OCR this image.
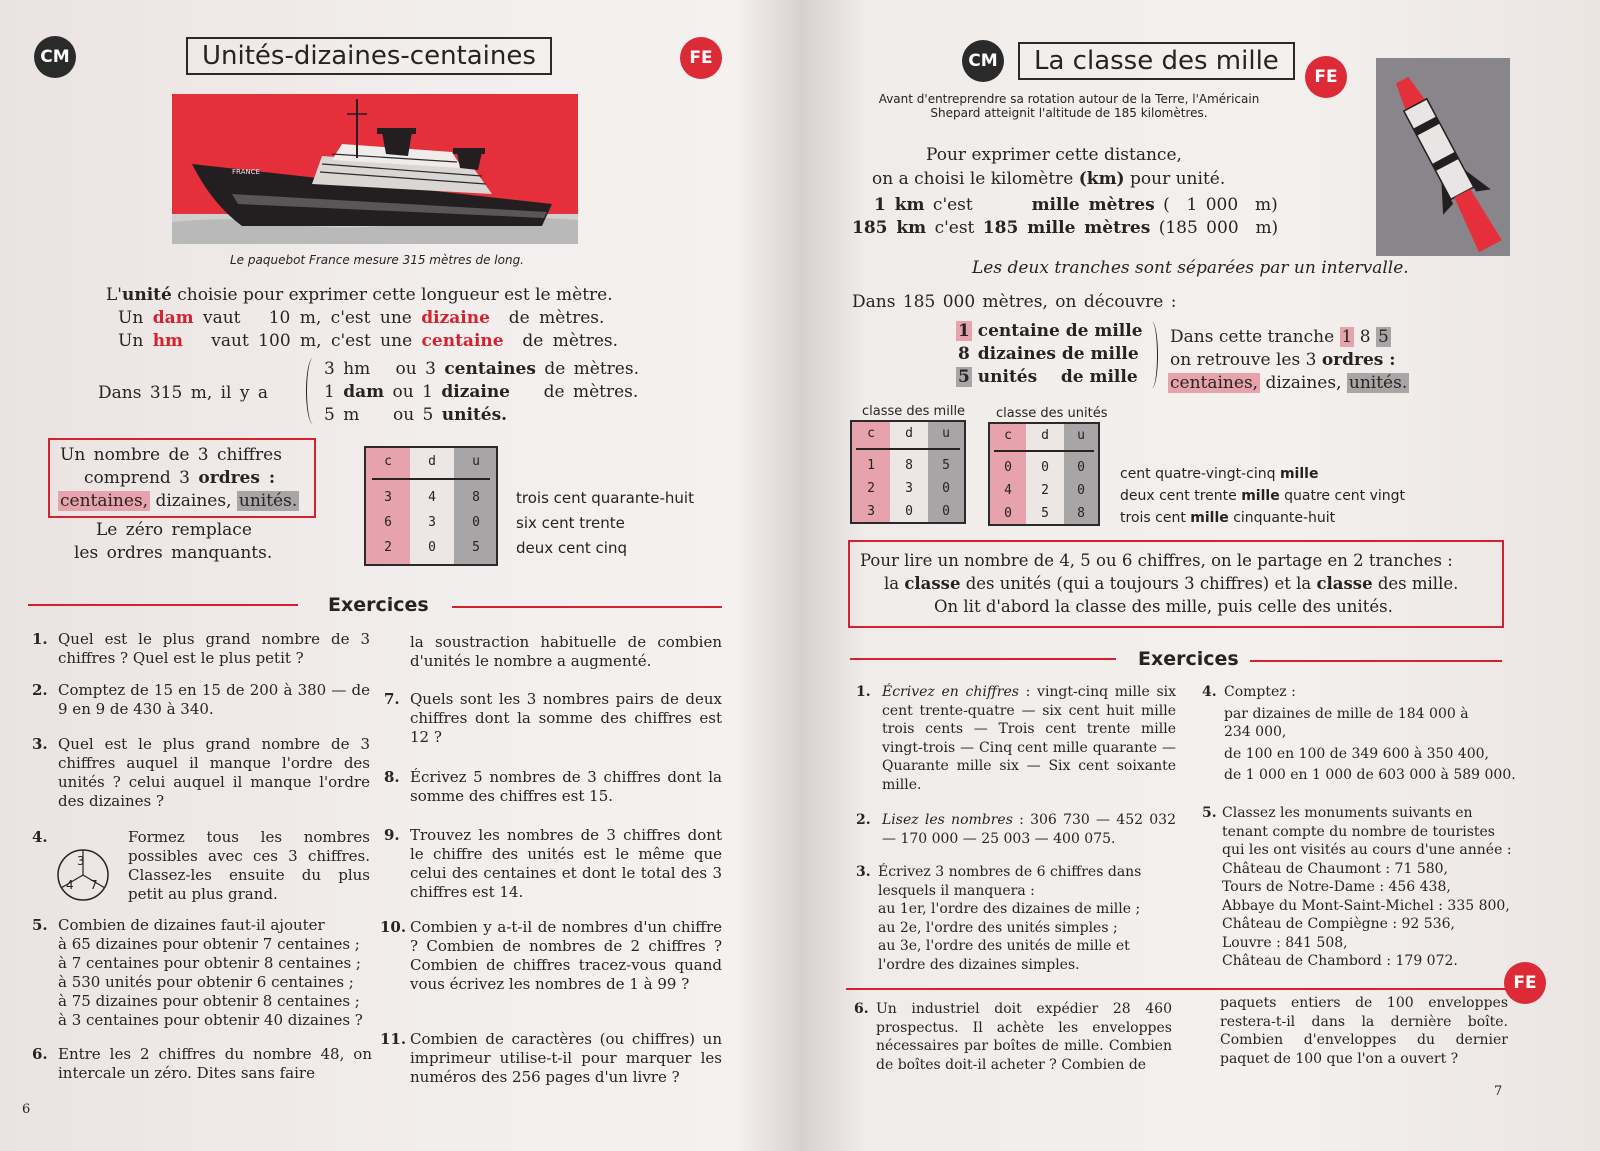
CM	Unités-dizaines-centaines	FE
FRANCE
Le paquebot France mesure 315 mètres de long.
L'unité choisie pour exprimer cette longueur est le mètre.
Un dam vaut   10 m, c'est une dizaine  de mètres.
Un hm   vaut 100 m, c'est une centaine  de mètres.
Dans 315 m, il y a
3 hm   ou 3 centaines de mètres.
1 dam ou 1 dizaine    de mètres.
5 m    ou 5 unités.
Un nombre de 3 chiffres
comprend 3 ordres :
centaines, dizaines, unités.
Le zéro remplace
les ordres manquants.
c	d	u
3	4	8
6	3	0
2	0	5
trois cent quarante-huit
six cent trente
deux cent cinq
Exercices
1. Quel est le plus grand nombre de 3 chiffres ? Quel est le plus petit ?
2. Comptez de 15 en 15 de 200 à 380 — de 9 en 9 de 430 à 340.
3. Quel est le plus grand nombre de 3 chiffres auquel il manque l'ordre des unités ? celui auquel il manque l'ordre des dizaines ?
4.
3
4 7
Formez tous les nombres possibles avec ces 3 chiffres. Classez-les ensuite du plus petit au plus grand.
5. Combien de dizaines faut-il ajouter
à 65 dizaines pour obtenir 7 centaines ;
à 7 centaines pour obtenir 8 centaines ;
à 530 unités pour obtenir 6 centaines ;
à 75 dizaines pour obtenir 8 centaines ;
à 3 centaines pour obtenir 40 dizaines ?
6. Entre les 2 chiffres du nombre 48, on intercale un zéro. Dites sans faire
la soustraction habituelle de combien d'unités le nombre a augmenté.
7. Quels sont les 3 nombres pairs de deux chiffres dont la somme des chiffres est 12 ?
8. Écrivez 5 nombres de 3 chiffres dont la somme des chiffres est 15.
9. Trouvez les nombres de 3 chiffres dont le chiffre des unités est le même que celui des centaines et dont le total des 3 chiffres est 14.
10. Combien y a-t-il de nombres d'un chiffre ? Combien de nombres de 2 chiffres ? Combien de chiffres tracez-vous quand vous écrivez les nombres de 1 à 99 ?
11. Combien de caractères (ou chiffres) un imprimeur utilise-t-il pour marquer les numéros des 256 pages d'un livre ?
6
CM	La classe des mille
FE
Avant d'entreprendre sa rotation autour de la Terre, l'Américain Shepard atteignit l'altitude de 185 kilomètres.
Pour exprimer cette distance,
on a choisi le kilomètre (km) pour unité.
1 km c'est       mille mètres (  1 000  m)
185 km c'est 185 mille mètres (185 000  m)
Les deux tranches sont séparées par un intervalle.
Dans 185 000 mètres, on découvre :
1 centaine de mille
8 dizaines de mille
5 unités    de mille
Dans cette tranche 1 8 5
on retrouve les 3 ordres :
centaines, dizaines, unités.
classe des mille classe des unités
c	d	u
1	8	5
2	3	0
3	0	0
c	d	u
0	0	0
4	2	0
0	5	8
cent quatre-vingt-cinq mille
deux cent trente mille quatre cent vingt
trois cent mille cinquante-huit
Pour lire un nombre de 4, 5 ou 6 chiffres, on le partage en 2 tranches :
la classe des unités (qui a toujours 3 chiffres) et la classe des mille.
On lit d'abord la classe des mille, puis celle des unités.
Exercices
1. Écrivez en chiffres : vingt-cinq mille six cent trente-quatre — six cent huit mille trois cents — Trois cent trente mille vingt-trois — Cinq cent mille quarante — Quarante mille six — Six cent soixante mille.
2. Lisez les nombres : 306 730 — 452 032 — 170 000 — 25 003 — 400 075.
3. Écrivez 3 nombres de 6 chiffres dans
lesquels il manquera :
au 1er, l'ordre des dizaines de mille ;
au 2e, l'ordre des unités simples ;
au 3e, l'ordre des unités de mille et
l'ordre des dizaines simples.
4. Comptez :
par dizaines de mille de 184 000 à
234 000,
de 100 en 100 de 349 600 à 350 400,
de 1 000 en 1 000 de 603 000 à 589 000.
5. Classez les monuments suivants en
tenant compte du nombre de touristes
qui les ont visités au cours d'une année :
Château de Chaumont : 71 580,
Tours de Notre-Dame : 456 438,
Abbaye du Mont-Saint-Michel : 335 800,
Château de Compiègne : 92 536,
Louvre : 841 508,
Château de Chambord : 179 072.
FE
6. Un industriel doit expédier 28 460 prospectus. Il achète les enveloppes nécessaires par boîtes de mille. Combien de boîtes doit-il acheter ? Combien de
paquets entiers de 100 enveloppes restera-t-il dans la dernière boîte. Combien d'enveloppes du dernier paquet de 100 que l'on a ouvert ?
7
